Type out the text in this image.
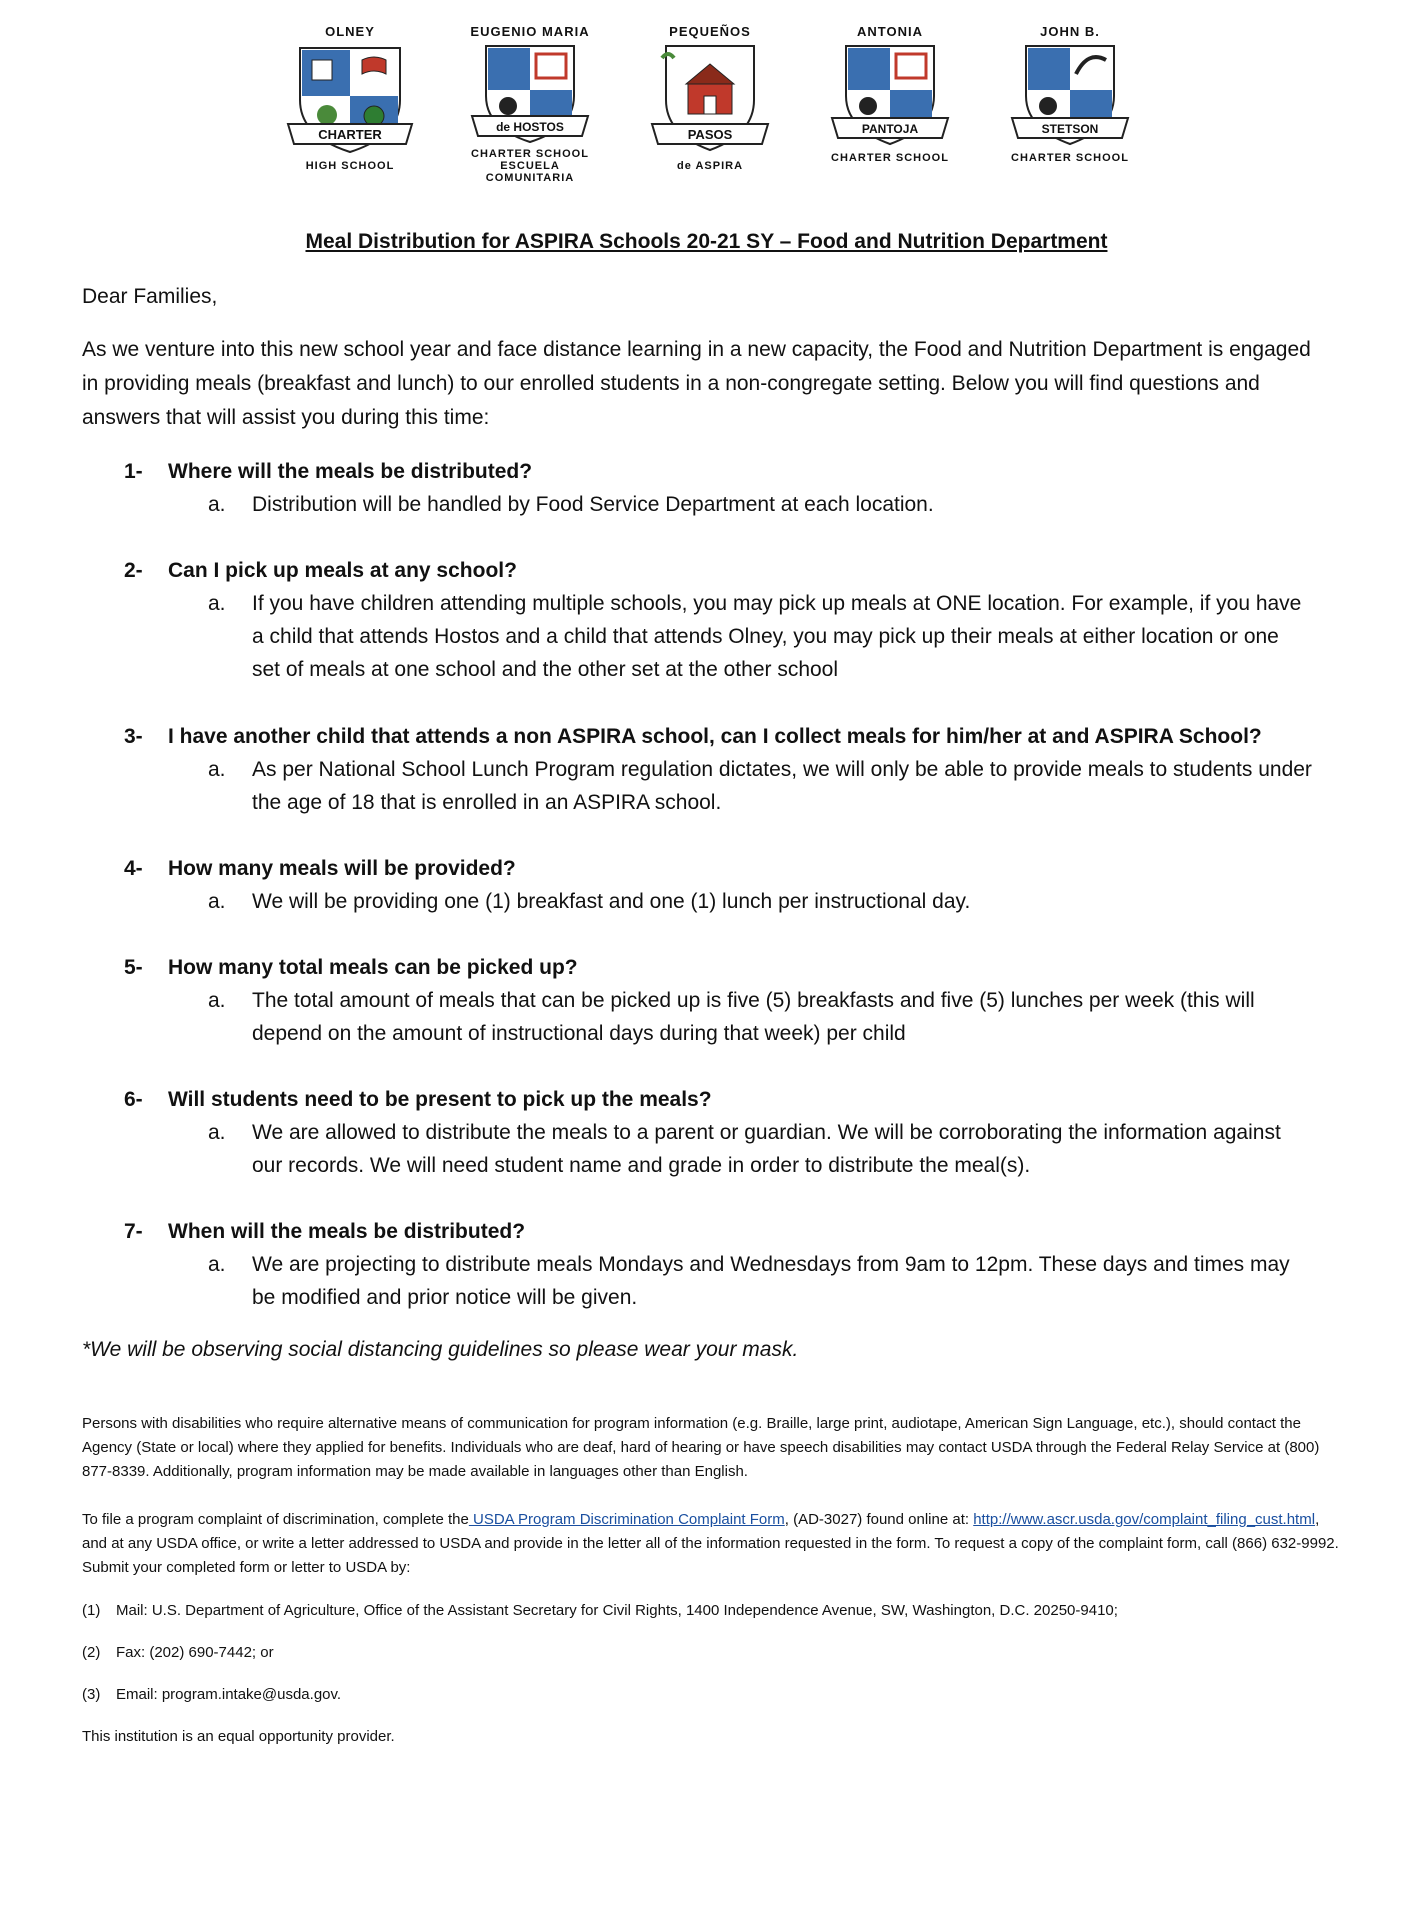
OLNEY
CHARTER
HIGH SCHOOL
EUGENIO MARIA
de HOSTOS
CHARTER SCHOOL
ESCUELA COMUNITARIA
PEQUEÑOS
PASOS
de ASPIRA
ANTONIA
PANTOJA
CHARTER SCHOOL
JOHN B.
STETSON
CHARTER SCHOOL
Meal Distribution for ASPIRA Schools 20-21 SY – Food and Nutrition Department
Dear Families,
As we venture into this new school year and face distance learning in a new capacity, the Food and Nutrition Department is engaged in providing meals (breakfast and lunch) to our enrolled students in a non-congregate setting. Below you will find questions and answers that will assist you during this time:
1-	Where will the meals be distributed?
a.	Distribution will be handled by Food Service Department at each location.
2-	Can I pick up meals at any school?
a.	If you have children attending multiple schools, you may pick up meals at ONE location. For example, if you have a child that attends Hostos and a child that attends Olney, you may pick up their meals at either location or one set of meals at one school and the other set at the other school
3-	I have another child that attends a non ASPIRA school, can I collect meals for him/her at and ASPIRA School?
a.	As per National School Lunch Program regulation dictates, we will only be able to provide meals to students under the age of 18 that is enrolled in an ASPIRA school.
4-	How many meals will be provided?
a.	We will be providing one (1) breakfast and one (1) lunch per instructional day.
5-	How many total meals can be picked up?
a.	The total amount of meals that can be picked up is five (5) breakfasts and five (5) lunches per week (this will depend on the amount of instructional days during that week) per child
6-	Will students need to be present to pick up the meals?
a.	We are allowed to distribute the meals to a parent or guardian. We will be corroborating the information against our records. We will need student name and grade in order to distribute the meal(s).
7-	When will the meals be distributed?
a.	We are projecting to distribute meals Mondays and Wednesdays from 9am to 12pm. These days and times may be modified and prior notice will be given.
*We will be observing social distancing guidelines so please wear your mask.
Persons with disabilities who require alternative means of communication for program information (e.g. Braille, large print, audiotape, American Sign Language, etc.), should contact the Agency (State or local) where they applied for benefits. Individuals who are deaf, hard of hearing or have speech disabilities may contact USDA through the Federal Relay Service at (800) 877-8339. Additionally, program information may be made available in languages other than English.
To file a program complaint of discrimination, complete the USDA Program Discrimination Complaint Form, (AD-3027) found online at: http://www.ascr.usda.gov/complaint_filing_cust.html, and at any USDA office, or write a letter addressed to USDA and provide in the letter all of the information requested in the form. To request a copy of the complaint form, call (866) 632-9992. Submit your completed form or letter to USDA by:
(1)	Mail: U.S. Department of Agriculture, Office of the Assistant Secretary for Civil Rights, 1400 Independence Avenue, SW, Washington, D.C. 20250-9410;
(2)	Fax: (202) 690-7442; or
(3)	Email: program.intake@usda.gov.
This institution is an equal opportunity provider.
